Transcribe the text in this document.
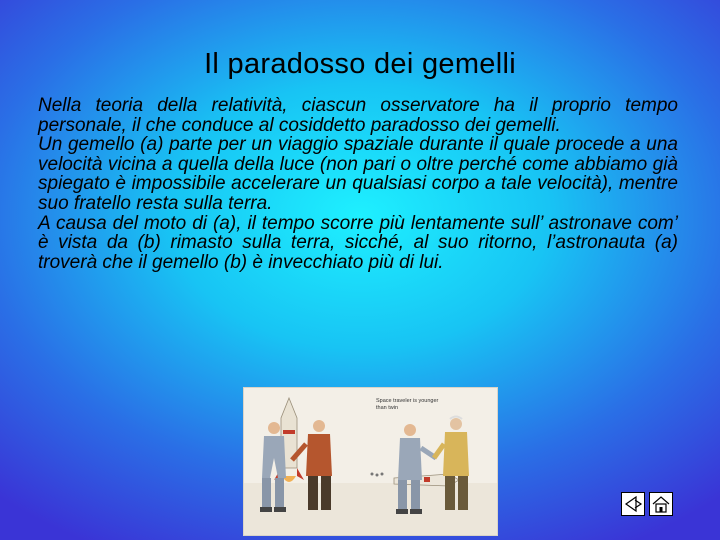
Il paradosso dei gemelli

Nella teoria della relatività, ciascun osservatore ha il proprio tempo personale, il che conduce al cosiddetto paradosso dei gemelli.

Un gemello (a) parte per un viaggio spaziale durante il quale procede a una velocità vicina a quella della luce (non pari o oltre perché come abbiamo già spiegato è impossibile accelerare un qualsiasi corpo a tale velocità), mentre suo fratello resta sulla terra.

A causa del moto di (a), il tempo scorre più lentamente sull’ astronave com’ è vista da (b) rimasto sulla terra, sicché, al suo ritorno, l’astronauta (a) troverà che il gemello (b) è invecchiato più di lui.

Space traveler is younger than twin
